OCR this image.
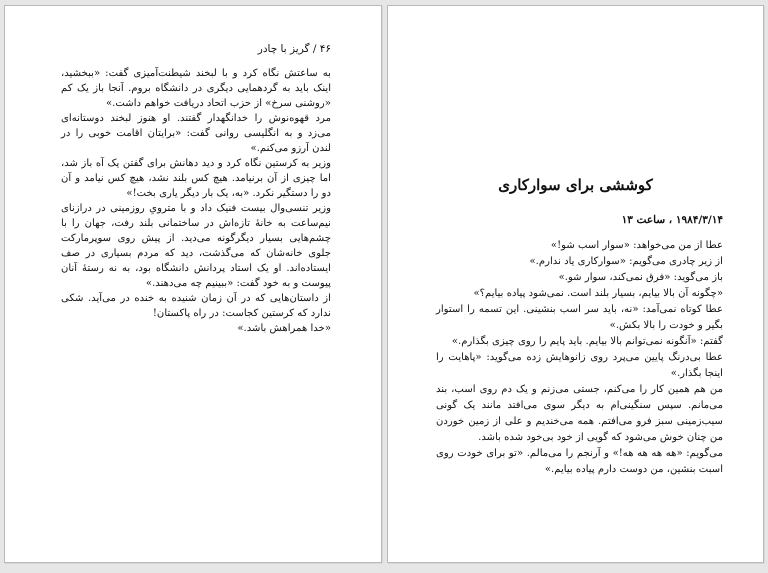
۴۶ / گریز با چادر

به ساعتش نگاه کرد و با لبخند شیطنت‌آمیزی گفت: «ببخشید، اینک باید به گردهمایی دیگری در دانشگاه بروم. آنجا باز یک کم «روشنی سرخ» از حزب اتحاد دریافت خواهم داشت.»

مرد قهوه‌نوش را خدانگهدار گفتند. او هنوز لبخند دوستانه‌ای می‌زد و به انگلیسی روانی گفت: «برایتان اقامت خوبی را در لندن آرزو می‌کنم.»

وزیر به کرستین نگاه کرد و دید دهانش برای گفتن یک آه باز شد، اما چیزی از آن برنیامد. هیچ کس بلند نشد، هیچ کس نیامد و آن دو را دستگیر نکرد. «به، یک بار دیگر یاری بخت!»

وزیر تنسی‌وال بیست فنیک داد و با مترویِ روزمینی در درازنای نیم‌ساعت به خانهٔ تازه‌اش در ساختمانی بلند رفت، جهان را با چشم‌هایی بسیار دیگرگونه می‌دید. از پیش روی سوپرمارکت جلوی خانه‌شان که می‌گذشت، دید که مردم بسیاری در صف ایستاده‌اند. او یک استاد پردانش دانشگاه بود، به نه رستهٔ آنان پیوست و به خود گفت: «ببینیم چه می‌دهند.»

از داستان‌هایی که در آن زمان شنیده به خنده در می‌آید. شکی ندارد که کرستین کجاست: در راه پاکستان!

«خدا همراهش باشد.»

کوششی برای سوارکاری
۱۹۸۴/۳/۱۴ ، ساعت ۱۳

عطا از من می‌خواهد: «سوار اسب شو!»

از زیر چادری می‌گویم: «سوارکاری یاد ندارم.»

باز می‌گوید: «فرق نمی‌کند، سوار شو.»

«چگونه آن بالا بیایم، بسیار بلند است. نمی‌شود پیاده بیایم؟»

عطا کوتاه نمی‌آمد: «نه، باید سر اسب بنشینی. این تسمه را استوار بگیر و خودت را بالا بکش.»

گفتم: «آنگونه نمی‌توانم بالا بیایم. باید پایم را روی چیزی بگذارم.»

عطا بی‌درنگ پایین می‌پرد روی زانوهایش زده می‌گوید: «پاهایت را اینجا بگذار.»

من هم همین کار را می‌کنم، جستی می‌زنم و یک دم روی اسب، بند می‌مانم. سپس سنگینی‌ام به دیگر سوی می‌افتد مانند یک گونی سیب‌زمینی سبز فرو می‌افتم. همه می‌خندیم و علی از زمین خوردن من چنان خوش می‌شود که گویی از خود بی‌خود شده باشد.

می‌گویم: «هه هه هه هه!» و آرنجم را می‌مالم. «تو برای خودت روی اسبت بنشین، من دوست دارم پیاده بیایم.»
